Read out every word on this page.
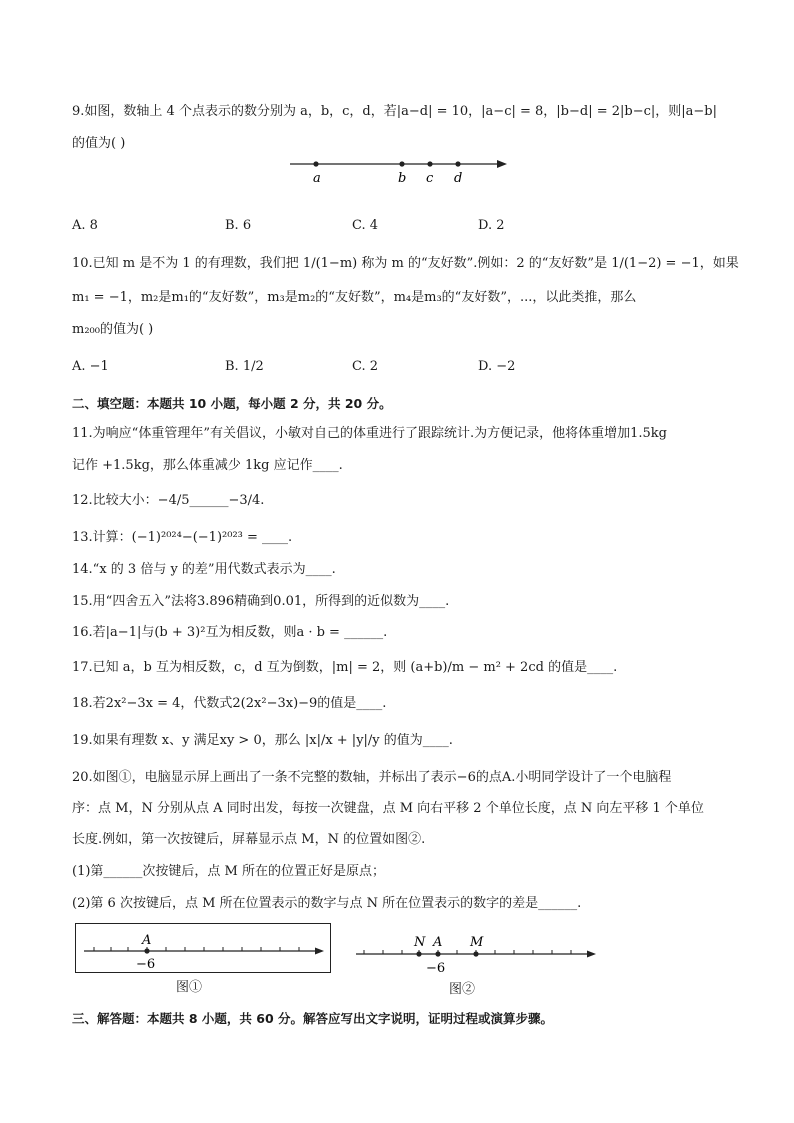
9.如图，数轴上 4 个点表示的数分别为 a，b，c，d，若|a−d| = 10，|a−c| = 8，|b−d| = 2|b−c|，则|a−b|
的值为( )
a	b c d
A. 8	B. 6	C. 4	D. 2
10.已知 m 是不为 1 的有理数，我们把 1/(1−m) 称为 m 的“友好数”.例如：2 的“友好数”是 1/(1−2) = −1，如果
m₁ = −1，m₂是m₁的“友好数”，m₃是m₂的“友好数”，m₄是m₃的“友好数”，...，以此类推，那么
m₂₀₀的值为( )
A. −1	B. 1/2	C. 2	D. −2
二、填空题：本题共 10 小题，每小题 2 分，共 20 分。
11.为响应“体重管理年”有关倡议，小敏对自己的体重进行了跟踪统计.为方便记录，他将体重增加1.5kg
记作 +1.5kg，那么体重减少 1kg 应记作____.
12.比较大小：−4/5______−3/4.
13.计算：(−1)²⁰²⁴−(−1)²⁰²³ = ____.
14.“x 的 3 倍与 y 的差”用代数式表示为____.
15.用“四舍五入”法将3.896精确到0.01，所得到的近似数为____.
16.若|a−1|与(b + 3)²互为相反数，则a · b = ______.
17.已知 a，b 互为相反数，c，d 互为倒数，|m| = 2，则 (a+b)/m − m² + 2cd 的值是____.
18.若2x²−3x = 4，代数式2(2x²−3x)−9的值是____.
19.如果有理数 x、y 满足xy > 0，那么 |x|/x + |y|/y 的值为____.
20.如图①，电脑显示屏上画出了一条不完整的数轴，并标出了表示−6的点A.小明同学设计了一个电脑程
序：点 M，N 分别从点 A 同时出发，每按一次键盘，点 M 向右平移 2 个单位长度，点 N 向左平移 1 个单位
长度.例如，第一次按键后，屏幕显示点 M，N 的位置如图②.
(1)第______次按键后，点 M 所在的位置正好是原点；
(2)第 6 次按键后，点 M 所在位置表示的数字与点 N 所在位置表示的数字的差是______.
A
−6
图①
N A M
−6
图②
三、解答题：本题共 8 小题，共 60 分。解答应写出文字说明，证明过程或演算步骤。
